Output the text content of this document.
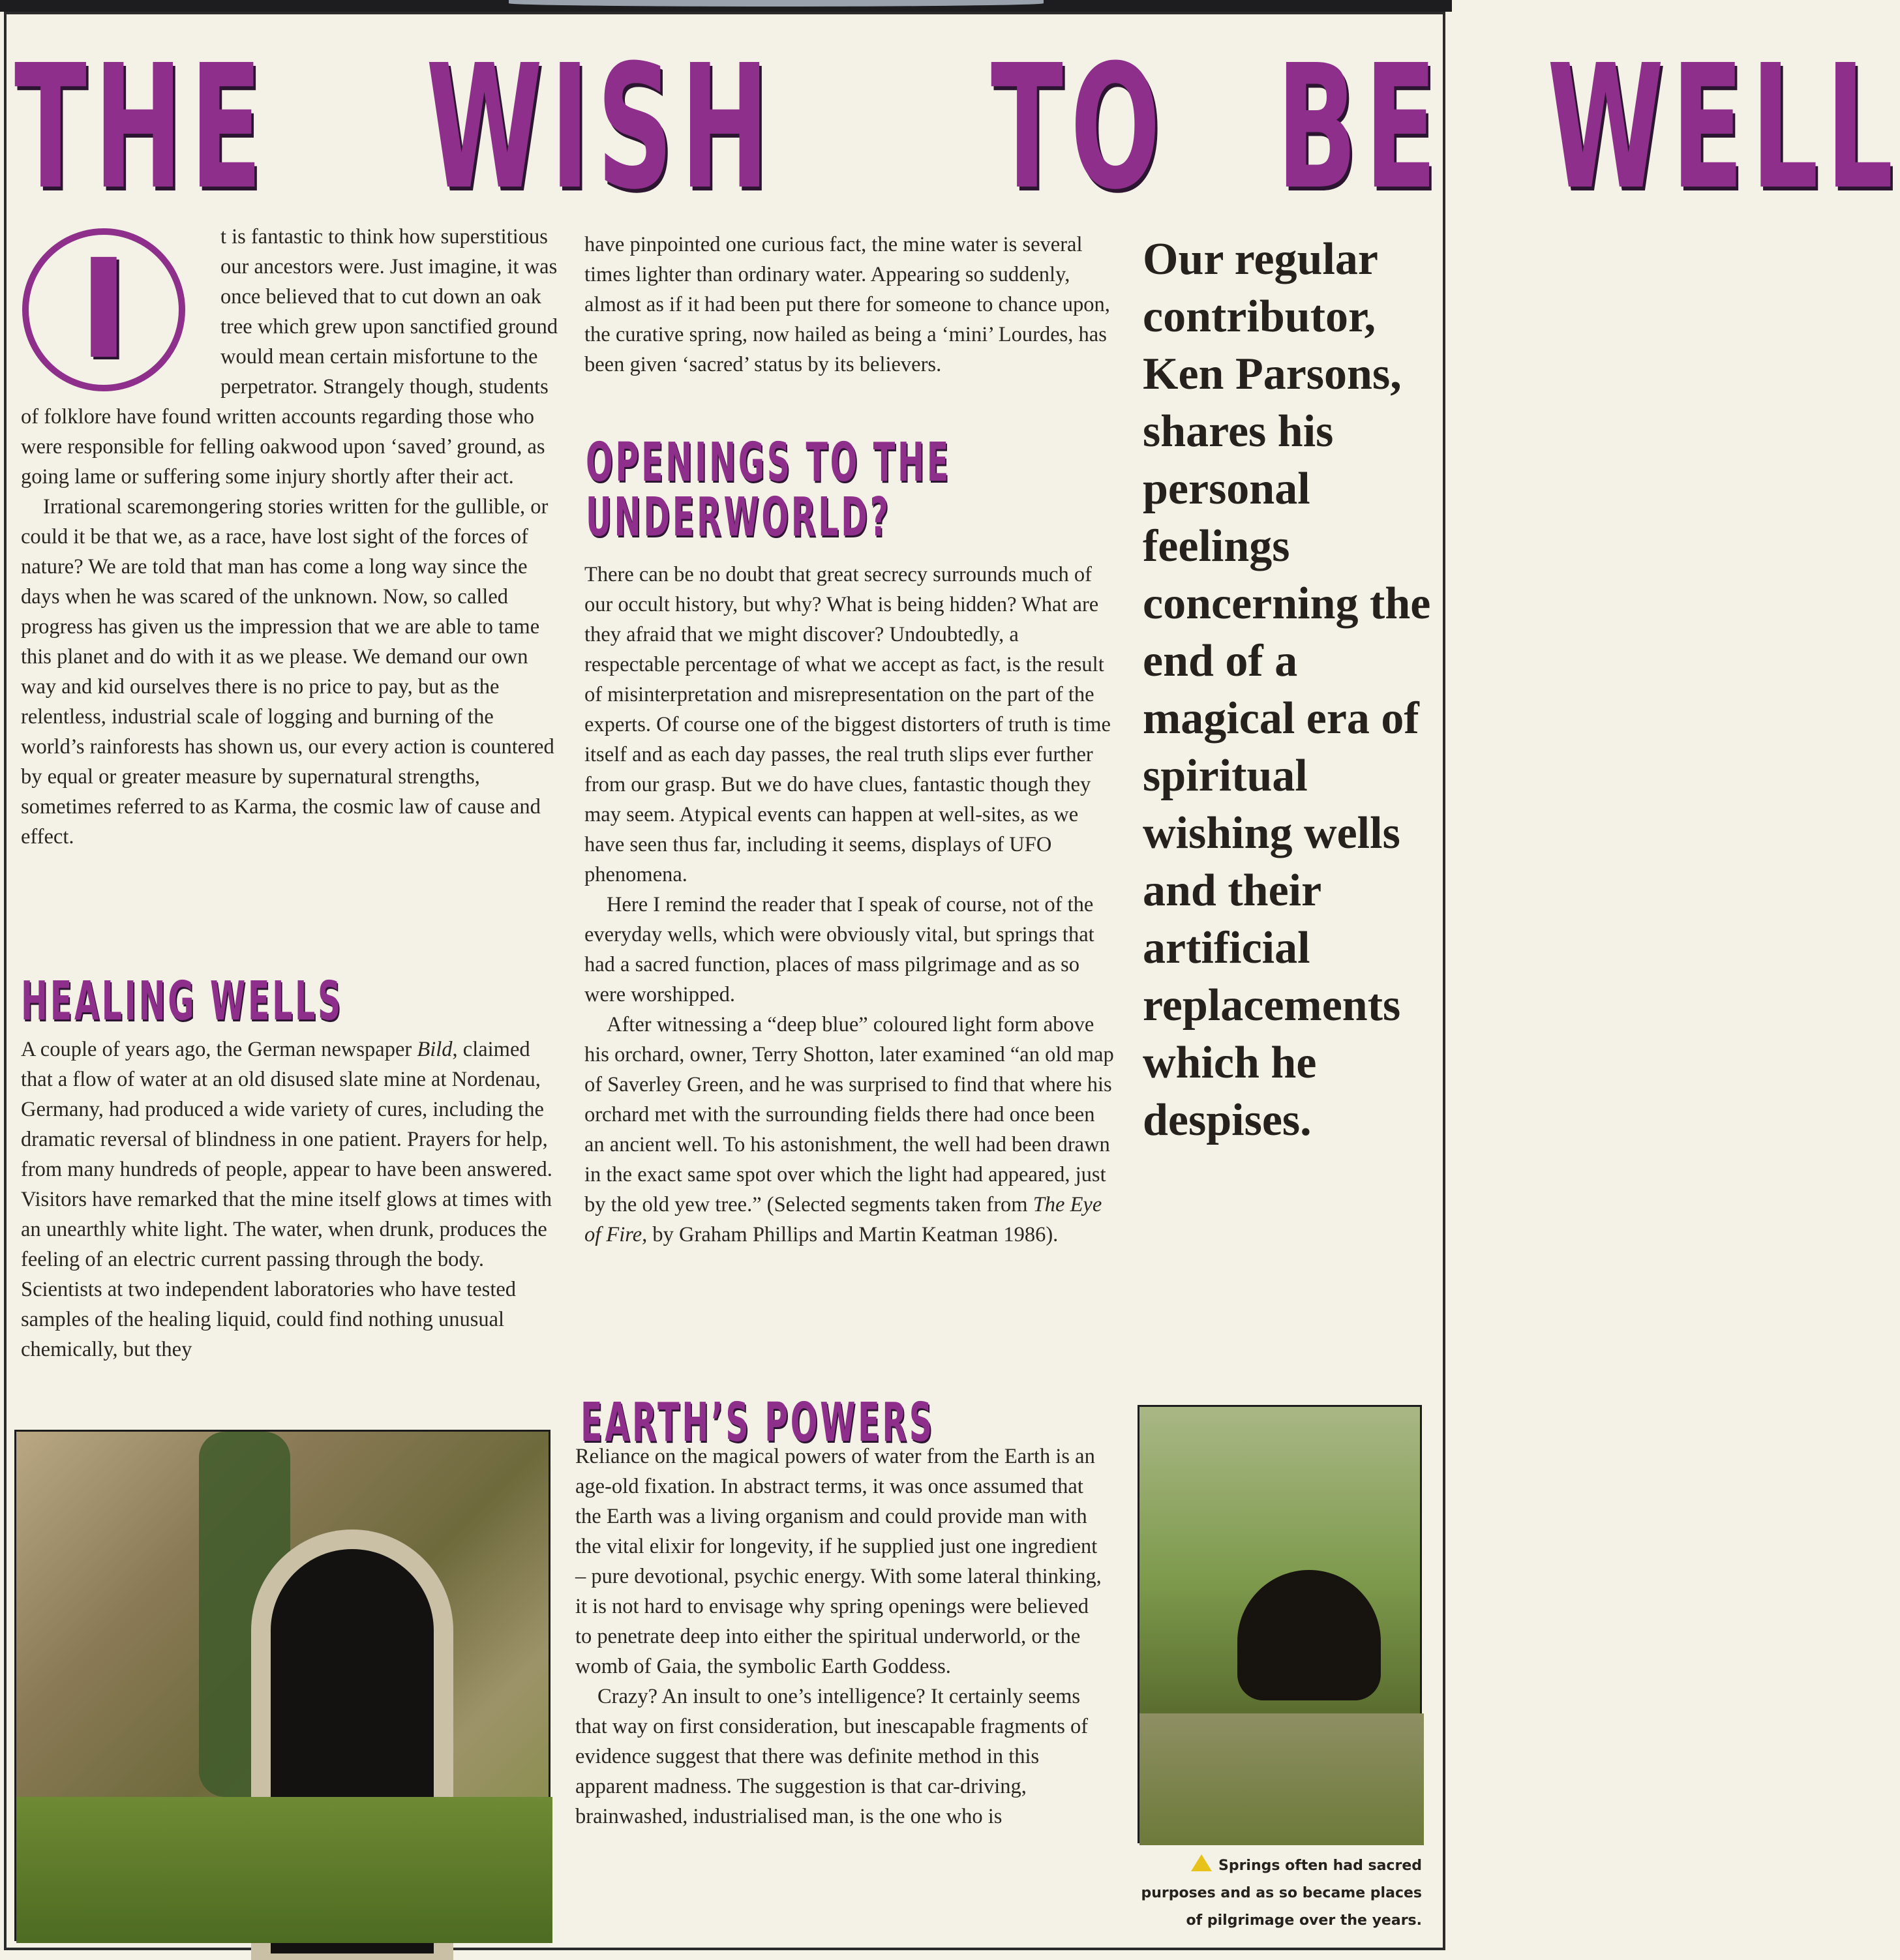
THE WISH TO BE WELL
I	t is fantastic to think how superstitious our ancestors were. Just imagine, it was once believed that to cut down an oak tree which grew upon sanctified ground would mean certain misfortune to the perpetrator. Strangely though, students of folklore have found written accounts regarding those who were responsible for felling oakwood upon ‘saved’ ground, as going lame or suffering some injury shortly after their act.

Irrational scaremongering stories written for the gullible, or could it be that we, as a race, have lost sight of the forces of nature? We are told that man has come a long way since the days when he was scared of the unknown. Now, so called progress has given us the impression that we are able to tame this planet and do with it as we please. We demand our own way and kid ourselves there is no price to pay, but as the relentless, industrial scale of logging and burning of the world’s rainforests has shown us, our every action is countered by equal or greater measure by supernatural strengths, sometimes referred to as Karma, the cosmic law of cause and effect.

HEALING WELLS

A couple of years ago, the German newspaper Bild, claimed that a flow of water at an old disused slate mine at Nordenau, Germany, had produced a wide variety of cures, including the dramatic reversal of blindness in one patient. Prayers for help, from many hundreds of people, appear to have been answered. Visitors have remarked that the mine itself glows at times with an unearthly white light. The water, when drunk, produces the feeling of an electric current passing through the body. Scientists at two independent laboratories who have tested samples of the healing liquid, could find nothing unusual chemically, but they

have pinpointed one curious fact, the mine water is several times lighter than ordinary water. Appearing so suddenly, almost as if it had been put there for someone to chance upon, the curative spring, now hailed as being a ‘mini’ Lourdes, has been given ‘sacred’ status by its believers.

OPENINGS TO THE UNDERWORLD?

There can be no doubt that great secrecy surrounds much of our occult history, but why? What is being hidden? What are they afraid that we might discover? Undoubtedly, a respectable percentage of what we accept as fact, is the result of misinterpretation and misrepresentation on the part of the experts. Of course one of the biggest distorters of truth is time itself and as each day passes, the real truth slips ever further from our grasp. But we do have clues, fantastic though they may seem. Atypical events can happen at well-sites, as we have seen thus far, including it seems, displays of UFO phenomena.

Here I remind the reader that I speak of course, not of the everyday wells, which were obviously vital, but springs that had a sacred function, places of mass pilgrimage and as so were worshipped.

After witnessing a “deep blue” coloured light form above his orchard, owner, Terry Shotton, later examined “an old map of Saverley Green, and he was surprised to find that where his orchard met with the surrounding fields there had once been an ancient well. To his astonishment, the well had been drawn in the exact same spot over which the light had appeared, just by the old yew tree.” (Selected segments taken from The Eye of Fire, by Graham Phillips and Martin Keatman 1986).

EARTH’S POWERS

Reliance on the magical powers of water from the Earth is an age-old fixation. In abstract terms, it was once assumed that the Earth was a living organism and could provide man with the vital elixir for longevity, if he supplied just one ingredient – pure devotional, psychic energy. With some lateral thinking, it is not hard to envisage why spring openings were believed to penetrate deep into either the spiritual underworld, or the womb of Gaia, the symbolic Earth Goddess.

Crazy? An insult to one’s intelligence? It certainly seems that way on first consideration, but inescapable fragments of evidence suggest that there was definite method in this apparent madness. The suggestion is that car-driving, brainwashed, industrialised man, is the one who is

Our regular contributor, Ken Parsons, shares his personal feelings concerning the end of a magical era of spiritual wishing wells and their artificial replacements which he despises.

Springs often had sacred purposes and as so became places of pilgrimage over the years.
